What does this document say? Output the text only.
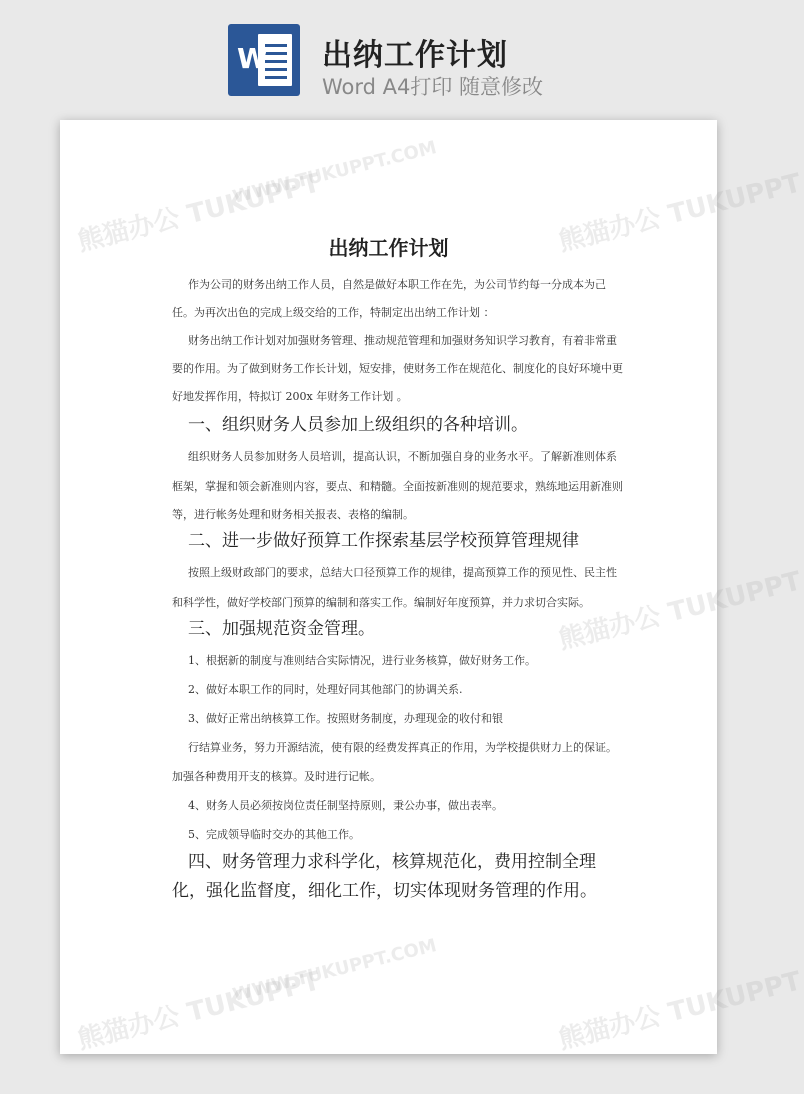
W 出纳工作计划
Word A4打印 随意修改
WWW.TUKUPPT.COM
熊猫办公 TUKUPPT	熊猫办公 TUKUPPT
熊猫办公 TUKUPPT
WWW.TUKUPPT.COM
熊猫办公 TUKUPPT	熊猫办公 TUKUPPT
出纳工作计划
作为公司的财务出纳工作人员，自然是做好本职工作在先，为公司节约每一分成本为己
任。为再次出色的完成上级交给的工作，特制定出出纳工作计划 ：
财务出纳工作计划对加强财务管理、推动规范管理和加强财务知识学习教育，有着非常重
要的作用。为了做到财务工作长计划，短安排，使财务工作在规范化、制度化的良好环境中更
好地发挥作用，特拟订 200x 年财务工作计划 。
一、组织财务人员参加上级组织的各种培训。
组织财务人员参加财务人员培训，提高认识，不断加强自身的业务水平。了解新准则体系
框架，掌握和领会新准则内容，要点、和精髓。全面按新准则的规范要求，熟练地运用新准则
等，进行帐务处理和财务相关报表、表格的编制。
二、进一步做好预算工作探索基层学校预算管理规律
按照上级财政部门的要求，总结大口径预算工作的规律，提高预算工作的预见性、民主性
和科学性，做好学校部门预算的编制和落实工作。编制好年度预算，并力求切合实际。
三、加强规范资金管理。
1、根据新的制度与准则结合实际情况，进行业务核算，做好财务工作。
2、做好本职工作的同时，处理好同其他部门的协调关系.
3、做好正常出纳核算工作。按照财务制度，办理现金的收付和银
行结算业务，努力开源结流，使有限的经费发挥真正的作用，为学校提供财力上的保证。
加强各种费用开支的核算。及时进行记帐。
4、财务人员必须按岗位责任制坚持原则，秉公办事，做出表率。
5、完成领导临时交办的其他工作。
四、财务管理力求科学化，核算规范化，费用控制全理
化，强化监督度，细化工作，切实体现财务管理的作用。
